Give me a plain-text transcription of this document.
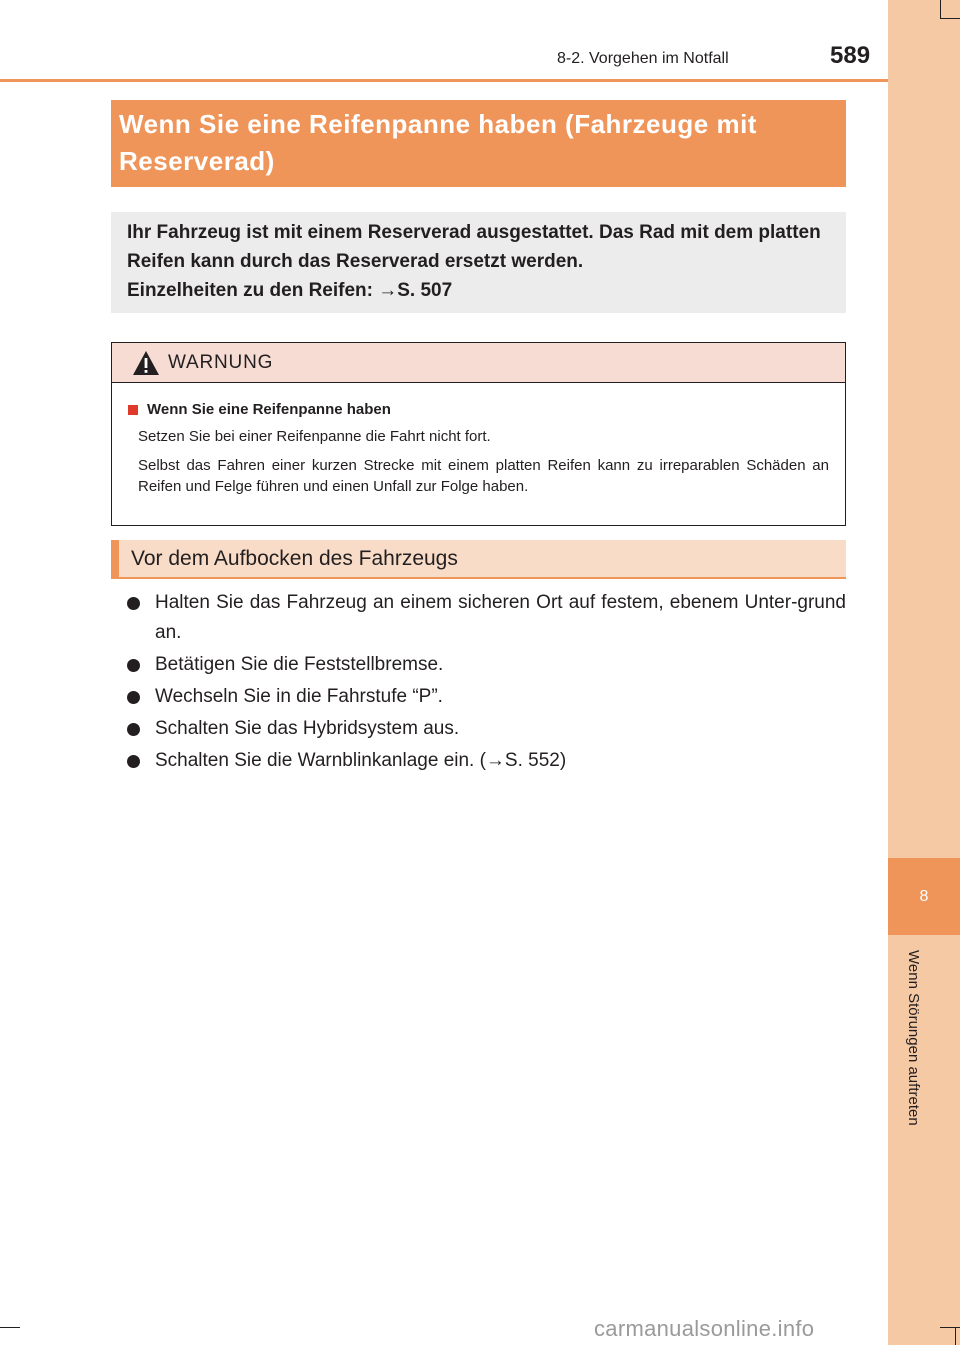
8
Wenn Störungen auftreten
8-2. Vorgehen im Notfall	589
Wenn Sie eine Reifenpanne haben (Fahrzeuge mit Reserverad)

Ihr Fahrzeug ist mit einem Reserverad ausgestattet. Das Rad mit dem platten

Reifen kann durch das Reserverad ersetzt werden.

Einzelheiten zu den Reifen: →S. 507

WARNUNG
Wenn Sie eine Reifenpanne haben

Setzen Sie bei einer Reifenpanne die Fahrt nicht fort.

Selbst das Fahren einer kurzen Strecke mit einem platten Reifen kann zu irreparablen Schäden an Reifen und Felge führen und einen Unfall zur Folge haben.

Vor dem Aufbocken des Fahrzeugs
Halten Sie das Fahrzeug an einem sicheren Ort auf festem, ebenem Unter-grund an.
Betätigen Sie die Feststellbremse.
Wechseln Sie in die Fahrstufe “P”.
Schalten Sie das Hybridsystem aus.
Schalten Sie die Warnblinkanlage ein. (→S. 552)
carmanualsonline.info
